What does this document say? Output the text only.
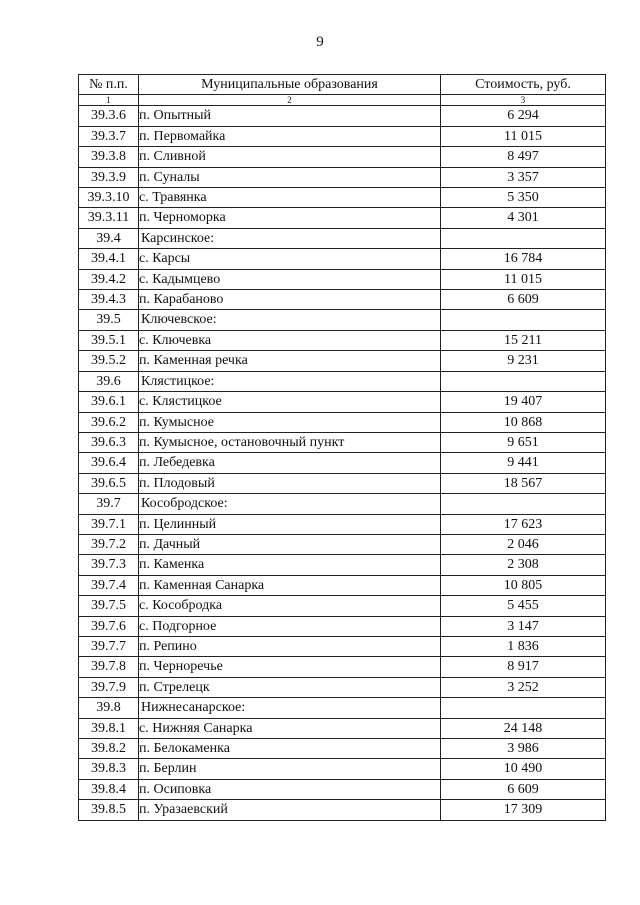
9
№ п.п.	Муниципальные образования	Стоимость, руб.
1	2	3
39.3.6	п. Опытный	6 294
39.3.7	п. Первомайка	11 015
39.3.8	п. Сливной	8 497
39.3.9	п. Суналы	3 357
39.3.10	с. Травянка	5 350
39.3.11	п. Черноморка	4 301
39.4	Карсинское:	
39.4.1	с. Карсы	16 784
39.4.2	с. Кадымцево	11 015
39.4.3	п. Карабаново	6 609
39.5	Ключевское:	
39.5.1	с. Ключевка	15 211
39.5.2	п. Каменная речка	9 231
39.6	Клястицкое:	
39.6.1	с. Клястицкое	19 407
39.6.2	п. Кумысное	10 868
39.6.3	п. Кумысное, остановочный пункт	9 651
39.6.4	п. Лебедевка	9 441
39.6.5	п. Плодовый	18 567
39.7	Кособродское:	
39.7.1	п. Целинный	17 623
39.7.2	п. Дачный	2 046
39.7.3	п. Каменка	2 308
39.7.4	п. Каменная Санарка	10 805
39.7.5	с. Кособродка	5 455
39.7.6	с. Подгорное	3 147
39.7.7	п. Репино	1 836
39.7.8	п. Черноречье	8 917
39.7.9	п. Стрелецк	3 252
39.8	Нижнесанарское:	
39.8.1	с. Нижняя Санарка	24 148
39.8.2	п. Белокаменка	3 986
39.8.3	п. Берлин	10 490
39.8.4	п. Осиповка	6 609
39.8.5	п. Уразаевский	17 309
